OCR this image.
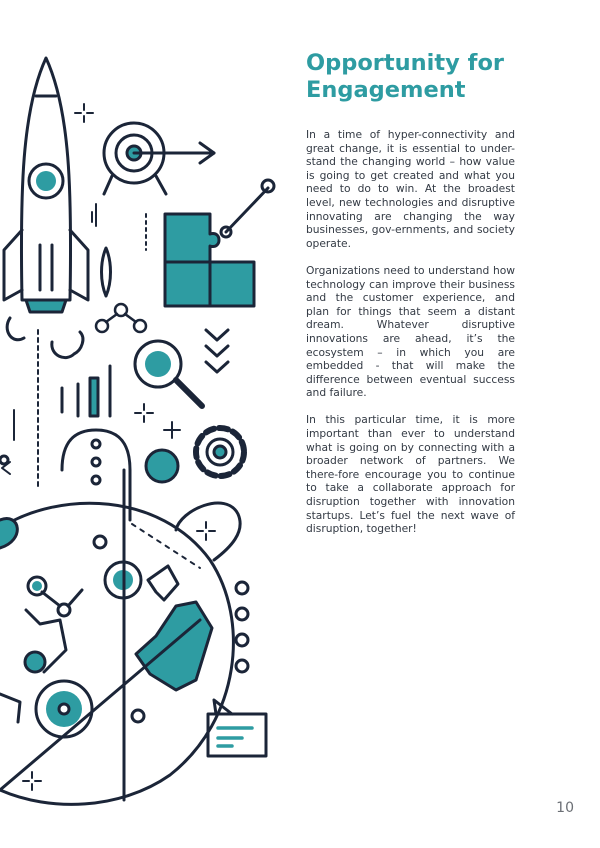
Opportunity for
Engagement

In a time of hyper-connectivity and great change, it is essential to under-stand the changing world – how value is going to get created and what you need to do to win. At the broadest level, new technologies and disruptive innovating are changing the way businesses, gov-ernments, and society operate.

Organizations need to understand how technology can improve their business and the customer experience, and plan for things that seem a distant dream. Whatever disruptive innovations are ahead, it’s the ecosystem – in which you are embedded - that will make the difference between eventual success and failure.

In this particular time, it is more important than ever to understand what is going on by connecting with a broader network of partners. We there-fore encourage you to continue to take a collaborate approach for disruption together with innovation startups. Let’s fuel the next wave of disruption, together!

10
